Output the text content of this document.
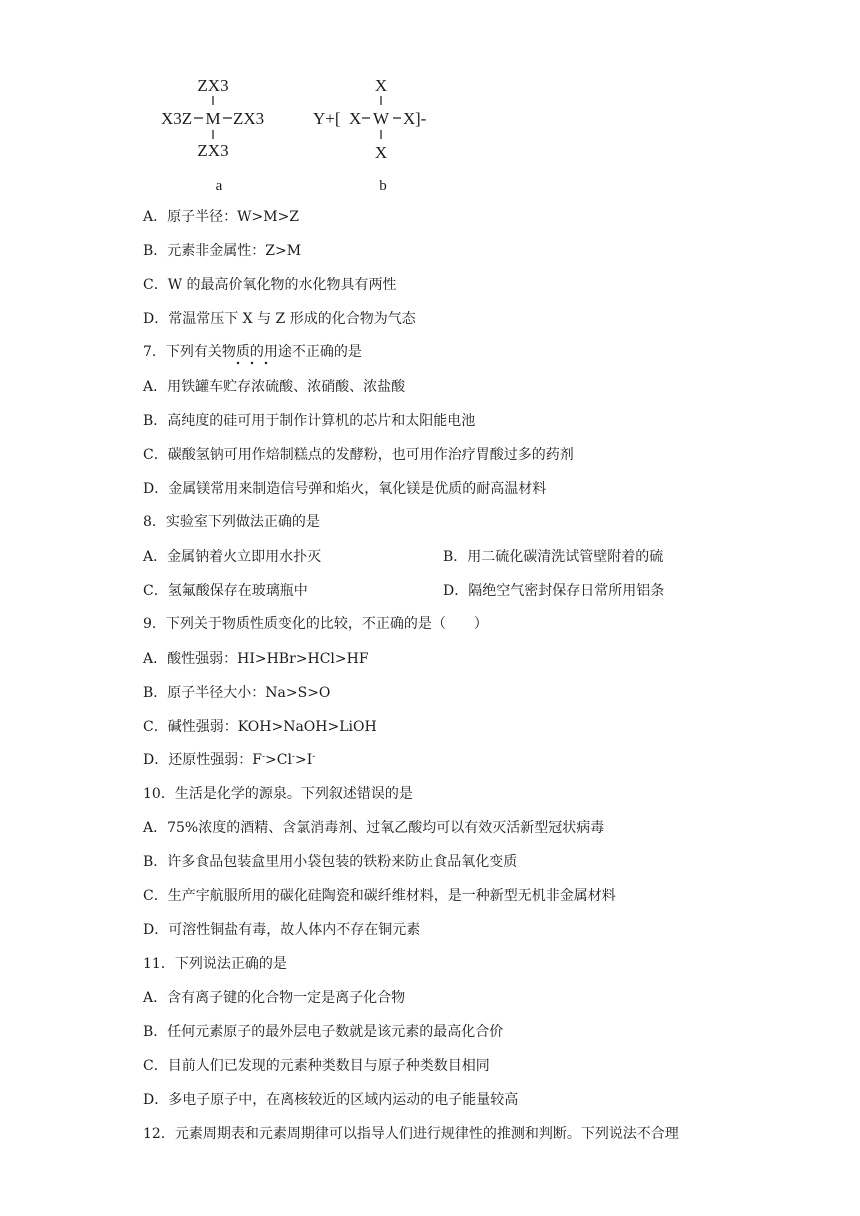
ZX3
X3Z M ZX3
ZX3
a
Y+[ X
X
W X ]-
X
b
A．原子半径：W>M>Z
B．元素非金属性：Z>M
C．W 的最高价氧化物的水化物具有两性
D．常温常压下 X 与 Z 形成的化合物为气态
7．下列有关物质的用途不正确的是
A．用铁罐车贮存浓硫酸、浓硝酸、浓盐酸
B．高纯度的硅可用于制作计算机的芯片和太阳能电池
C．碳酸氢钠可用作焙制糕点的发酵粉，也可用作治疗胃酸过多的药剂
D．金属镁常用来制造信号弹和焰火，氧化镁是优质的耐高温材料
8．实验室下列做法正确的是
A．金属钠着火立即用水扑灭	B．用二硫化碳清洗试管壁附着的硫
C．氢氟酸保存在玻璃瓶中	D．隔绝空气密封保存日常所用铝条
9．下列关于物质性质变化的比较，不正确的是（　　）
A．酸性强弱：HI>HBr>HCl>HF
B．原子半径大小：Na>S>O
C．碱性强弱：KOH>NaOH>LiOH
D．还原性强弱：F->Cl->I-
10．生活是化学的源泉。下列叙述错误的是
A．75%浓度的酒精、含氯消毒剂、过氧乙酸均可以有效灭活新型冠状病毒
B．许多食品包装盒里用小袋包装的铁粉来防止食品氧化变质
C．生产宇航服所用的碳化硅陶瓷和碳纤维材料，是一种新型无机非金属材料
D．可溶性铜盐有毒，故人体内不存在铜元素
11．下列说法正确的是
A．含有离子键的化合物一定是离子化合物
B．任何元素原子的最外层电子数就是该元素的最高化合价
C．目前人们已发现的元素种类数目与原子种类数目相同
D．多电子原子中，在离核较近的区域内运动的电子能量较高
12．元素周期表和元素周期律可以指导人们进行规律性的推测和判断。下列说法不合理
